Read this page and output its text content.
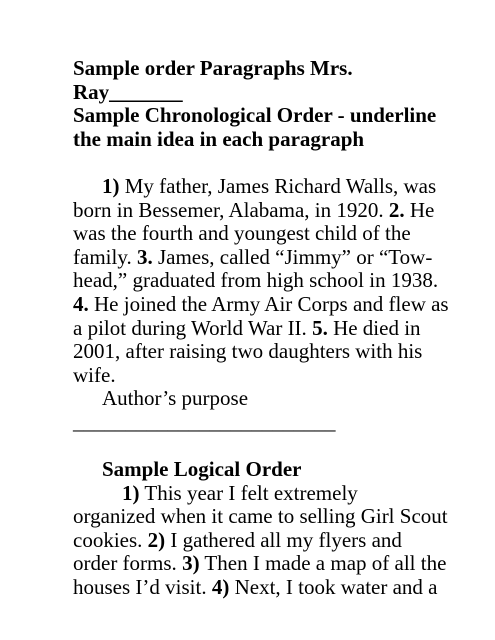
Sample order Paragraphs Mrs.
Ray_______
Sample Chronological Order - underline
the main idea in each paragraph
1) My father, James Richard Walls, was
born in Bessemer, Alabama, in 1920. 2. He
was the fourth and youngest child of the
family. 3. James, called “Jimmy” or “Tow-
head,” graduated from high school in 1938.
4. He joined the Army Air Corps and flew as
a pilot during World War II. 5. He died in
2001, after raising two daughters with his
wife.
Author’s purpose
_________________________
Sample Logical Order
1) This year I felt extremely
organized when it came to selling Girl Scout
cookies. 2) I gathered all my flyers and
order forms. 3) Then I made a map of all the
houses I’d visit. 4) Next, I took water and a
